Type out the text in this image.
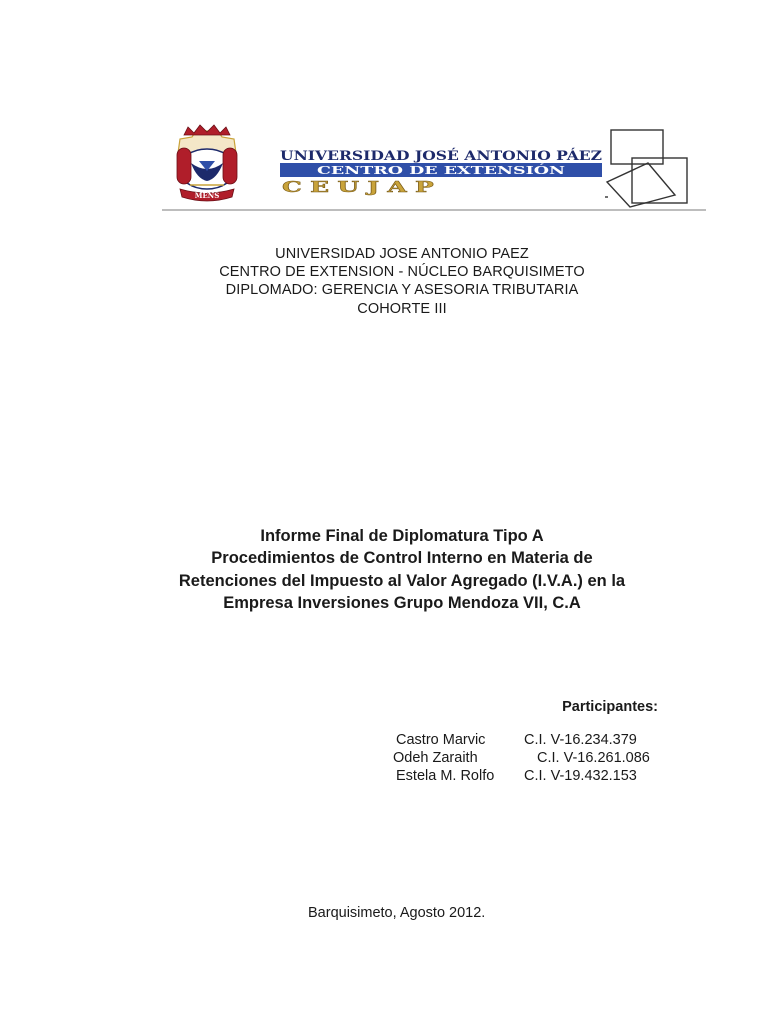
MENS
UNIVERSIDAD JOSÉ ANTONIO PÁEZ
CENTRO DE EXTENSIÓN
CEUJAP
UNIVERSIDAD JOSE ANTONIO PAEZ
CENTRO DE EXTENSION - NÚCLEO BARQUISIMETO
DIPLOMADO: GERENCIA Y ASESORIA TRIBUTARIA
COHORTE III
Informe Final de Diplomatura Tipo A
Procedimientos de Control Interno en Materia de
Retenciones del Impuesto al Valor Agregado (I.V.A.) en la
Empresa Inversiones Grupo Mendoza VII, C.A
Participantes:
Castro Marvic	C.I. V-16.234.379
Odeh Zaraith	C.I. V-16.261.086
Estela M. Rolfo C.I. V-19.432.153
Barquisimeto, Agosto 2012.
